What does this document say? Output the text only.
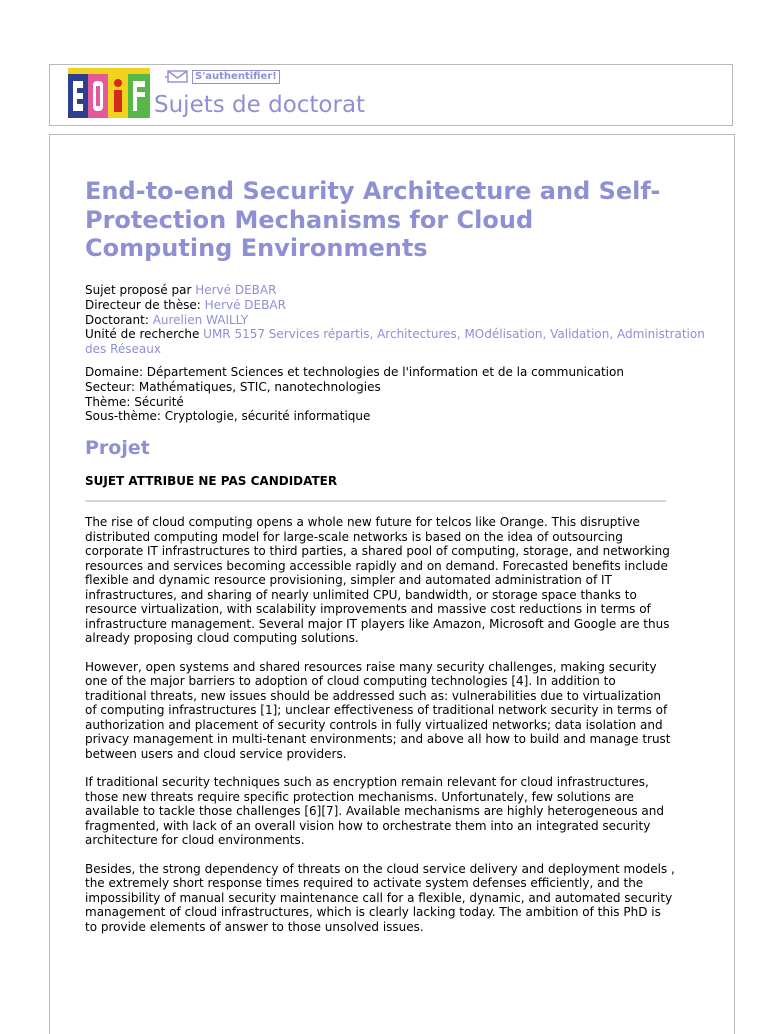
S'authentifier!
Sujets de doctorat
End-to-end Security Architecture and Self-Protection Mechanisms for Cloud Computing Environments
Sujet proposé par Hervé DEBAR
Directeur de thèse: Hervé DEBAR
Doctorant: Aurelien WAILLY
Unité de recherche UMR 5157 Services répartis, Architectures, MOdélisation, Validation, Administration des Réseaux
Domaine: Département Sciences et technologies de l'information et de la communication
Secteur: Mathématiques, STIC, nanotechnologies
Thème: Sécurité
Sous-thème: Cryptologie, sécurité informatique
Projet

SUJET ATTRIBUE NE PAS CANDIDATER

The rise of cloud computing opens a whole new future for telcos like Orange. This disruptive distributed computing model for large-scale networks is based on the idea of outsourcing corporate IT infrastructures to third parties, a shared pool of computing, storage, and networking resources and services becoming accessible rapidly and on demand. Forecasted benefits include flexible and dynamic resource provisioning, simpler and automated administration of IT infrastructures, and sharing of nearly unlimited CPU, bandwidth, or storage space thanks to resource virtualization, with scalability improvements and massive cost reductions in terms of infrastructure management. Several major IT players like Amazon, Microsoft and Google are thus already proposing cloud computing solutions.

However, open systems and shared resources raise many security challenges, making security one of the major barriers to adoption of cloud computing technologies [4]. In addition to traditional threats, new issues should be addressed such as: vulnerabilities due to virtualization of computing infrastructures [1]; unclear effectiveness of traditional network security in terms of authorization and placement of security controls in fully virtualized networks; data isolation and privacy management in multi-tenant environments; and above all how to build and manage trust between users and cloud service providers.

If traditional security techniques such as encryption remain relevant for cloud infrastructures, those new threats require specific protection mechanisms. Unfortunately, few solutions are available to tackle those challenges [6][7]. Available mechanisms are highly heterogeneous and fragmented, with lack of an overall vision how to orchestrate them into an integrated security architecture for cloud environments.

Besides, the strong dependency of threats on the cloud service delivery and deployment models , the extremely short response times required to activate system defenses efficiently, and the impossibility of manual security maintenance call for a flexible, dynamic, and automated security management of cloud infrastructures, which is clearly lacking today. The ambition of this PhD is to provide elements of answer to those unsolved issues.
